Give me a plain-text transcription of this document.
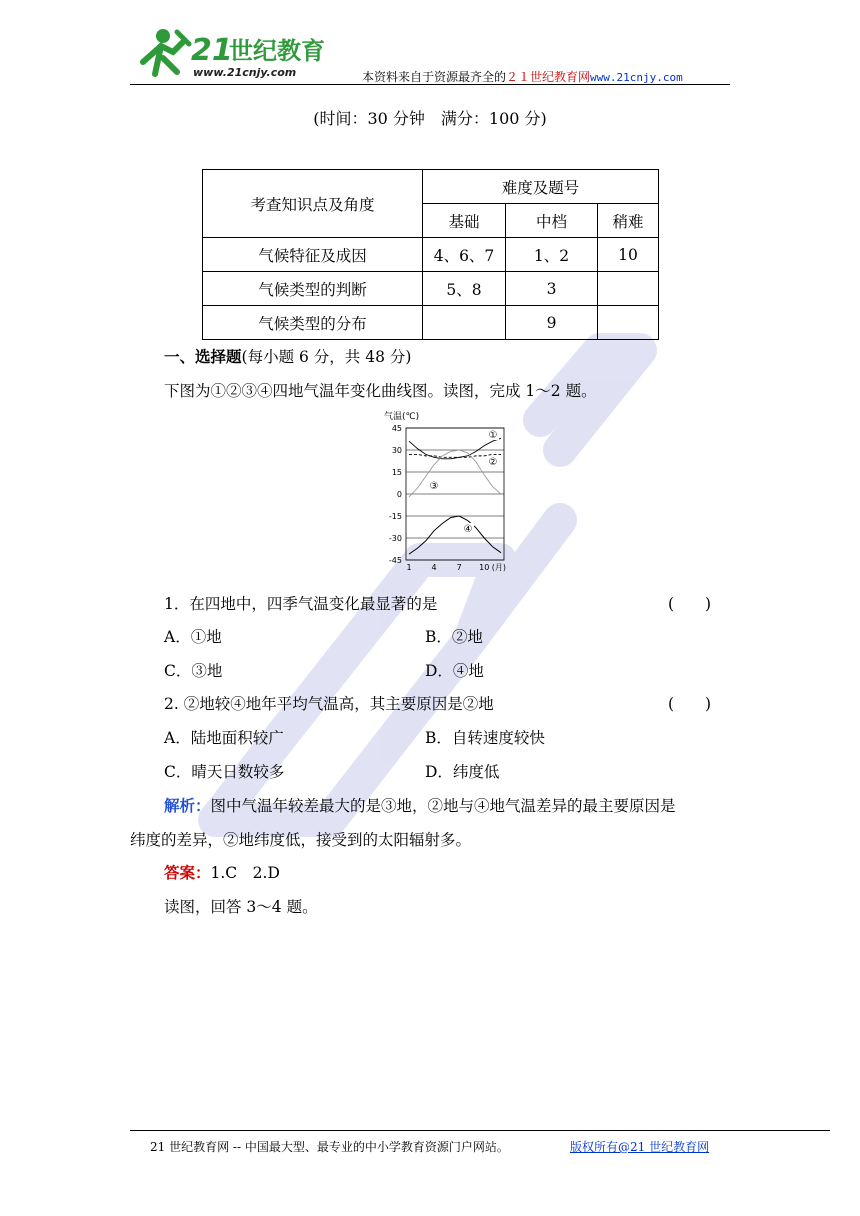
21
世纪教育
www.21cnjy.com	本资料来自于资源最齐全的２１世纪教育网www.21cnjy.com
(时间：30 分钟　满分：100 分)
考查知识点及角度	难度及题号		
	基础	中档	稍难
气候特征及成因	4、6、7	1、2	10
气候类型的判断	5、8	3	
气候类型的分布		9	
一、选择题(每小题 6 分，共 48 分)
下图为①②③④四地气温年变化曲线图。读图，完成 1～2 题。
气温(℃)
45
30
15
0
-15
-30
-45
1 4 7 10 (月)
①
②
③
④
1．在四地中，四季气温变化最显著的是	(　　)
A．①地	B．②地
C．③地	D．④地
2. ②地较④地年平均气温高，其主要原因是②地	(　　)
A．陆地面积较广	B．自转速度较快
C．晴天日数较多	D．纬度低
解析：图中气温年较差最大的是③地，②地与④地气温差异的最主要原因是
纬度的差异，②地纬度低，接受到的太阳辐射多。
答案：1.C　2.D
读图，回答 3～4 题。
21 世纪教育网 -- 中国最大型、最专业的中小学教育资源门户网站。	版权所有@21 世纪教育网
